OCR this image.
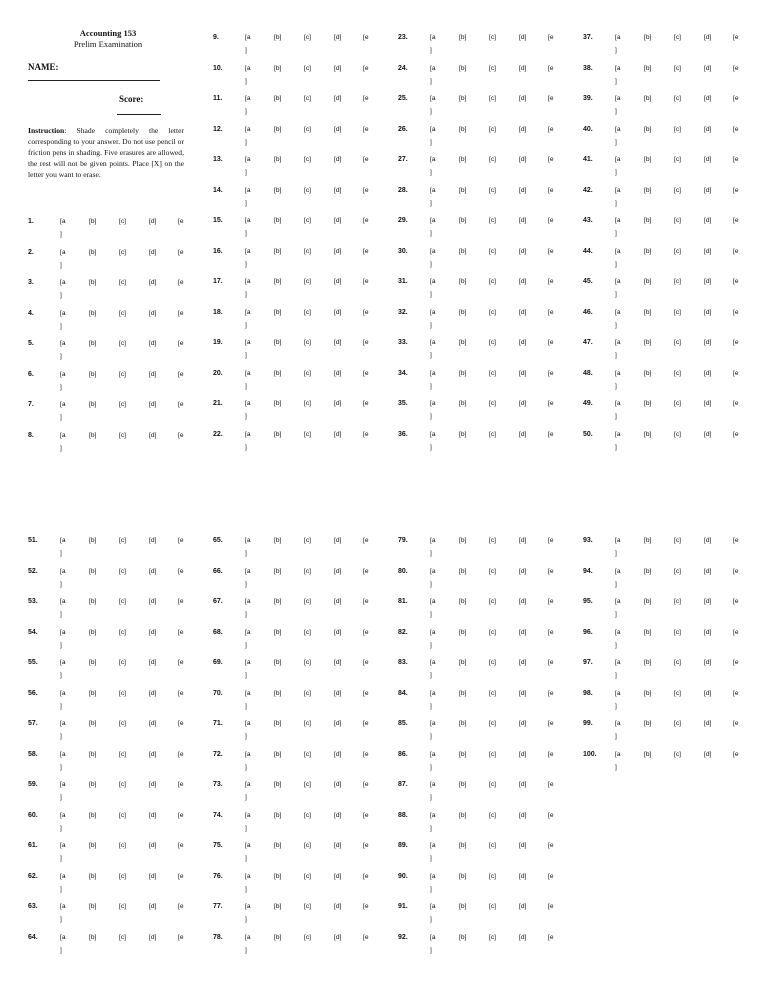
Accounting 153
Prelim Examination
NAME:
Score:
Instruction: Shade completely the letter corresponding to your answer. Do not use pencil or friction pens in shading. Five erasures are allowed, the rest will not be given points. Place [X] on the letter you want to erase.
1.	[a	[b]	[c]	[d]	[e
]
2.	[a	[b]	[c]	[d]	[e
]
3.	[a	[b]	[c]	[d]	[e
]
4.	[a	[b]	[c]	[d]	[e
]
5.	[a	[b]	[c]	[d]	[e
]
6.	[a	[b]	[c]	[d]	[e
]
7.	[a	[b]	[c]	[d]	[e
]
8.	[a	[b]	[c]	[d]	[e
]
9.	[a	[b]	[c]	[d]	[e
]
10.	[a	[b]	[c]	[d]	[e
]
11.	[a	[b]	[c]	[d]	[e
]
12.	[a	[b]	[c]	[d]	[e
]
13.	[a	[b]	[c]	[d]	[e
]
14.	[a	[b]	[c]	[d]	[e
]
15.	[a	[b]	[c]	[d]	[e
]
16.	[a	[b]	[c]	[d]	[e
]
17.	[a	[b]	[c]	[d]	[e
]
18.	[a	[b]	[c]	[d]	[e
]
19.	[a	[b]	[c]	[d]	[e
]
20.	[a	[b]	[c]	[d]	[e
]
21.	[a	[b]	[c]	[d]	[e
]
22.	[a	[b]	[c]	[d]	[e
]
23.	[a	[b]	[c]	[d]	[e
]
24.	[a	[b]	[c]	[d]	[e
]
25.	[a	[b]	[c]	[d]	[e
]
26.	[a	[b]	[c]	[d]	[e
]
27.	[a	[b]	[c]	[d]	[e
]
28.	[a	[b]	[c]	[d]	[e
]
29.	[a	[b]	[c]	[d]	[e
]
30.	[a	[b]	[c]	[d]	[e
]
31.	[a	[b]	[c]	[d]	[e
]
32.	[a	[b]	[c]	[d]	[e
]
33.	[a	[b]	[c]	[d]	[e
]
34.	[a	[b]	[c]	[d]	[e
]
35.	[a	[b]	[c]	[d]	[e
]
36.	[a	[b]	[c]	[d]	[e
]
37.	[a	[b]	[c]	[d]	[e
]
38.	[a	[b]	[c]	[d]	[e
]
39.	[a	[b]	[c]	[d]	[e
]
40.	[a	[b]	[c]	[d]	[e
]
41.	[a	[b]	[c]	[d]	[e
]
42.	[a	[b]	[c]	[d]	[e
]
43.	[a	[b]	[c]	[d]	[e
]
44.	[a	[b]	[c]	[d]	[e
]
45.	[a	[b]	[c]	[d]	[e
]
46.	[a	[b]	[c]	[d]	[e
]
47.	[a	[b]	[c]	[d]	[e
]
48.	[a	[b]	[c]	[d]	[e
]
49.	[a	[b]	[c]	[d]	[e
]
50.	[a	[b]	[c]	[d]	[e
]
51.	[a	[b]	[c]	[d]	[e
]
52.	[a	[b]	[c]	[d]	[e
]
53.	[a	[b]	[c]	[d]	[e
]
54.	[a	[b]	[c]	[d]	[e
]
55.	[a	[b]	[c]	[d]	[e
]
56.	[a	[b]	[c]	[d]	[e
]
57.	[a	[b]	[c]	[d]	[e
]
58.	[a	[b]	[c]	[d]	[e
]
59.	[a	[b]	[c]	[d]	[e
]
60.	[a	[b]	[c]	[d]	[e
]
61.	[a	[b]	[c]	[d]	[e
]
62.	[a	[b]	[c]	[d]	[e
]
63.	[a	[b]	[c]	[d]	[e
]
64.	[a	[b]	[c]	[d]	[e
]
65.	[a	[b]	[c]	[d]	[e
]
66.	[a	[b]	[c]	[d]	[e
]
67.	[a	[b]	[c]	[d]	[e
]
68.	[a	[b]	[c]	[d]	[e
]
69.	[a	[b]	[c]	[d]	[e
]
70.	[a	[b]	[c]	[d]	[e
]
71.	[a	[b]	[c]	[d]	[e
]
72.	[a	[b]	[c]	[d]	[e
]
73.	[a	[b]	[c]	[d]	[e
]
74.	[a	[b]	[c]	[d]	[e
]
75.	[a	[b]	[c]	[d]	[e
]
76.	[a	[b]	[c]	[d]	[e
]
77.	[a	[b]	[c]	[d]	[e
]
78.	[a	[b]	[c]	[d]	[e
]
79.	[a	[b]	[c]	[d]	[e
]
80.	[a	[b]	[c]	[d]	[e
]
81.	[a	[b]	[c]	[d]	[e
]
82.	[a	[b]	[c]	[d]	[e
]
83.	[a	[b]	[c]	[d]	[e
]
84.	[a	[b]	[c]	[d]	[e
]
85.	[a	[b]	[c]	[d]	[e
]
86.	[a	[b]	[c]	[d]	[e
]
87.	[a	[b]	[c]	[d]	[e
]
88.	[a	[b]	[c]	[d]	[e
]
89.	[a	[b]	[c]	[d]	[e
]
90.	[a	[b]	[c]	[d]	[e
]
91.	[a	[b]	[c]	[d]	[e
]
92.	[a	[b]	[c]	[d]	[e
]
93.	[a	[b]	[c]	[d]	[e
]
94.	[a	[b]	[c]	[d]	[e
]
95.	[a	[b]	[c]	[d]	[e
]
96.	[a	[b]	[c]	[d]	[e
]
97.	[a	[b]	[c]	[d]	[e
]
98.	[a	[b]	[c]	[d]	[e
]
99.	[a	[b]	[c]	[d]	[e
]
100.	[a	[b]	[c]	[d]	[e
]
